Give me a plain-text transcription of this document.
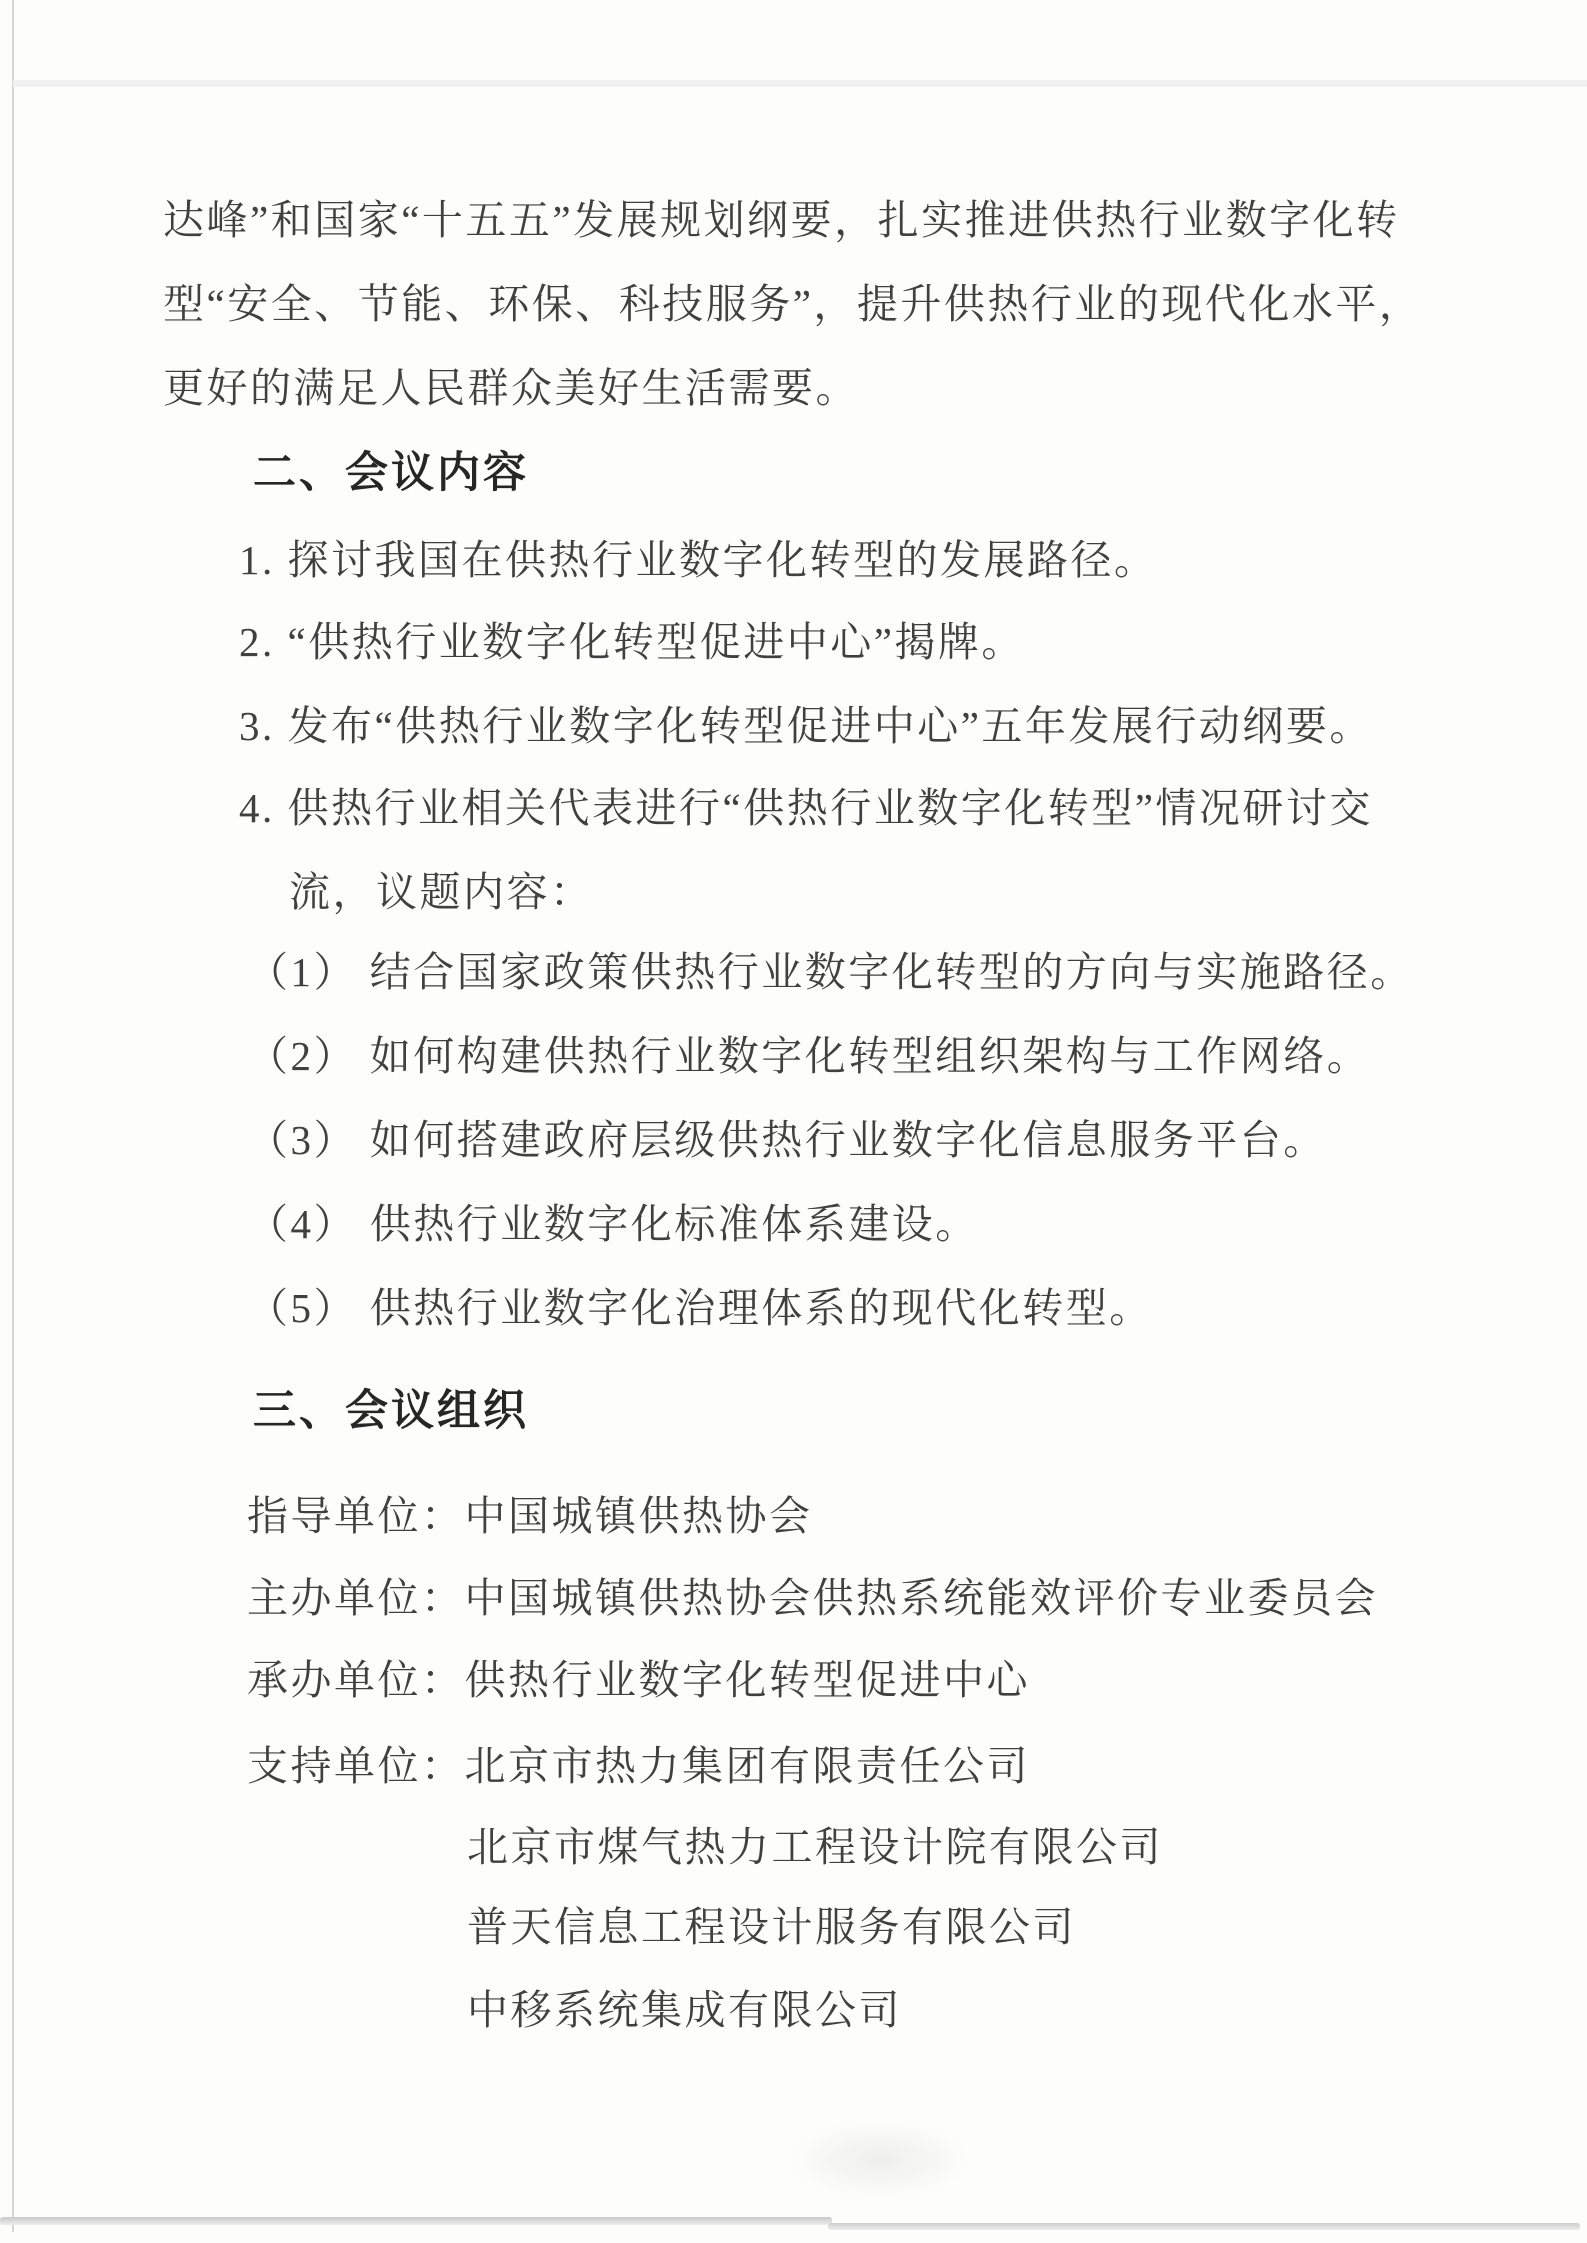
达峰”和国家“十五五”发展规划纲要，扎实推进供热行业数字化转
型“安全、节能、环保、科技服务”，提升供热行业的现代化水平，
更好的满足人民群众美好生活需要。
二、会议内容
1. 探讨我国在供热行业数字化转型的发展路径。
2. “供热行业数字化转型促进中心”揭牌。
3. 发布“供热行业数字化转型促进中心”五年发展行动纲要。
4. 供热行业相关代表进行“供热行业数字化转型”情况研讨交
流，议题内容：
（1） 结合国家政策供热行业数字化转型的方向与实施路径。
（2） 如何构建供热行业数字化转型组织架构与工作网络。
（3） 如何搭建政府层级供热行业数字化信息服务平台。
（4） 供热行业数字化标准体系建设。
（5） 供热行业数字化治理体系的现代化转型。
三、会议组织
指导单位：中国城镇供热协会
主办单位：中国城镇供热协会供热系统能效评价专业委员会
承办单位：供热行业数字化转型促进中心
支持单位：北京市热力集团有限责任公司
北京市煤气热力工程设计院有限公司
普天信息工程设计服务有限公司
中移系统集成有限公司
